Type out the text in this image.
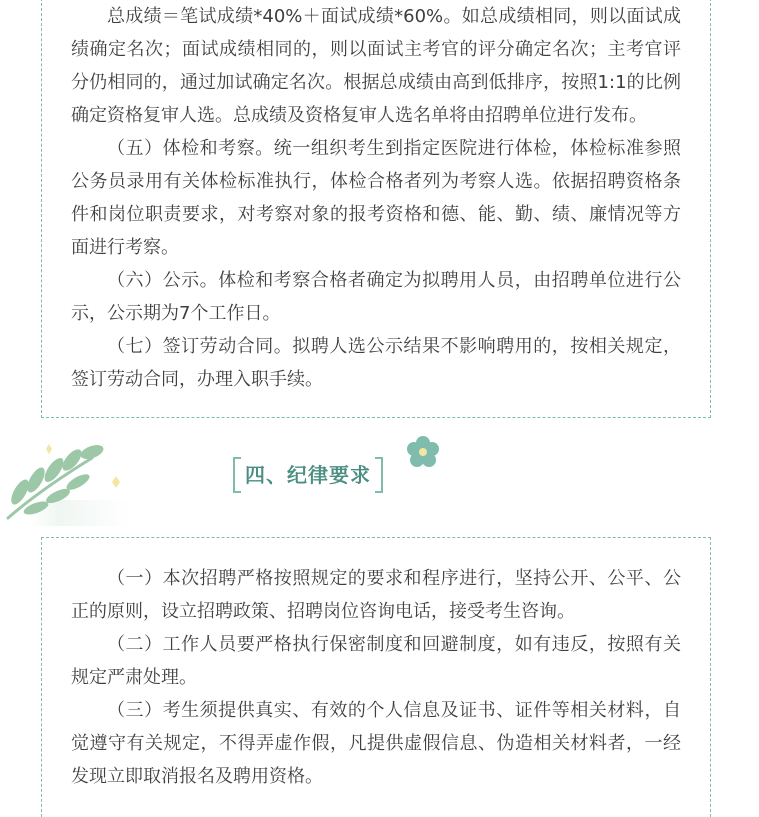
总成绩＝笔试成绩*40%＋面试成绩*60%。如总成绩相同，则以面试成绩确定名次；面试成绩相同的，则以面试主考官的评分确定名次；主考官评分仍相同的，通过加试确定名次。根据总成绩由高到低排序，按照1:1的比例确定资格复审人选。总成绩及资格复审人选名单将由招聘单位进行发布。

（五）体检和考察。统一组织考生到指定医院进行体检，体检标准参照公务员录用有关体检标准执行，体检合格者列为考察人选。依据招聘资格条件和岗位职责要求，对考察对象的报考资格和德、能、勤、绩、廉情况等方面进行考察。

（六）公示。体检和考察合格者确定为拟聘用人员，由招聘单位进行公示，公示期为7个工作日。

（七）签订劳动合同。拟聘人选公示结果不影响聘用的，按相关规定，签订劳动合同，办理入职手续。

四、纪律要求

（一）本次招聘严格按照规定的要求和程序进行，坚持公开、公平、公正的原则，设立招聘政策、招聘岗位咨询电话，接受考生咨询。

（二）工作人员要严格执行保密制度和回避制度，如有违反，按照有关规定严肃处理。

（三）考生须提供真实、有效的个人信息及证书、证件等相关材料，自觉遵守有关规定，不得弄虚作假，凡提供虚假信息、伪造相关材料者，一经发现立即取消报名及聘用资格。
